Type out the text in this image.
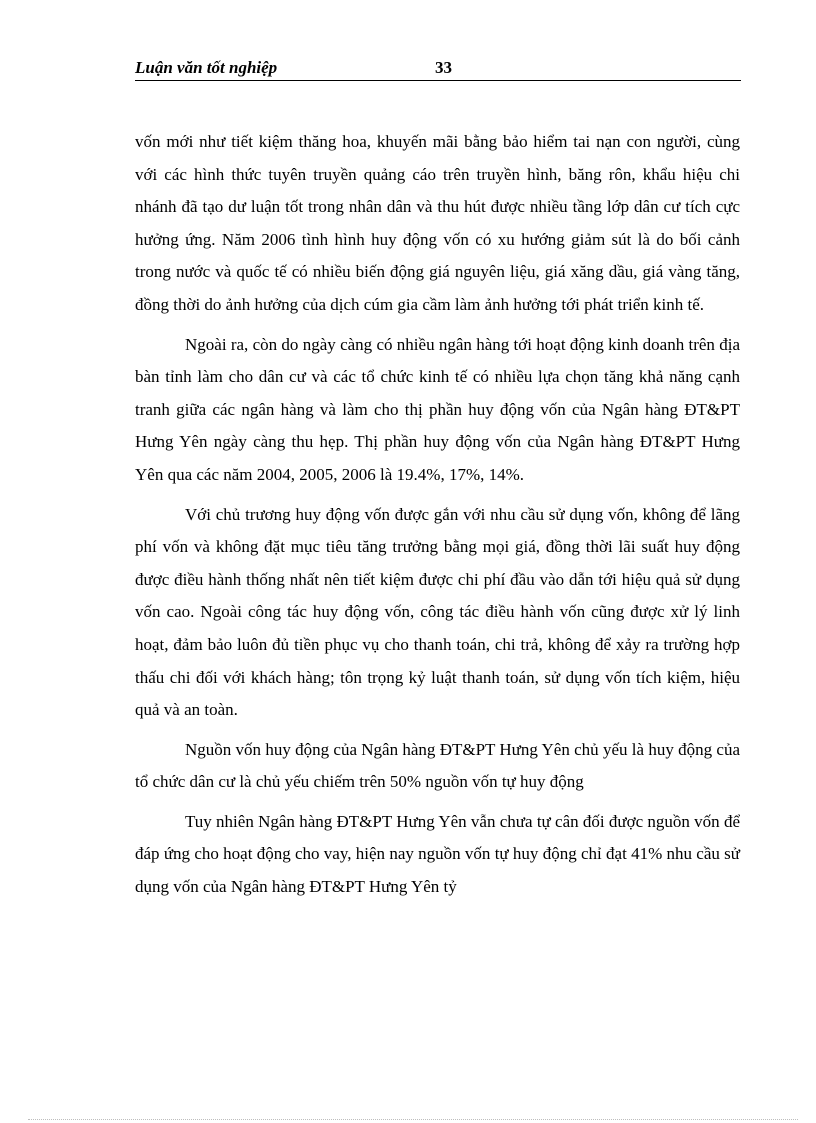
Luận văn tốt nghiệp	33

vốn mới như tiết kiệm thăng hoa, khuyến mãi bằng bảo hiểm tai nạn con người, cùng với các hình thức tuyên truyền quảng cáo trên truyền hình, băng rôn, khẩu hiệu chi nhánh đã tạo dư luận tốt trong nhân dân và thu hút được nhiều tầng lớp dân cư tích cực hưởng ứng. Năm 2006 tình hình huy động vốn có xu hướng giảm sút là do bối cảnh trong nước và quốc tế có nhiều biến động giá nguyên liệu, giá xăng dầu, giá vàng tăng, đồng thời do ảnh hưởng của dịch cúm gia cầm làm ảnh hưởng tới phát triển kinh tế.

Ngoài ra, còn do ngày càng có nhiều ngân hàng tới hoạt động kinh doanh trên địa bàn tỉnh làm cho dân cư và các tổ chức kinh tế có nhiều lựa chọn tăng khả năng cạnh tranh giữa các ngân hàng và làm cho thị phần huy động vốn của Ngân hàng ĐT&PT Hưng Yên ngày càng thu hẹp. Thị phần huy động vốn của Ngân hàng ĐT&PT Hưng Yên qua các năm 2004, 2005, 2006 là 19.4%, 17%, 14%.

Với chủ trương huy động vốn được gắn với nhu cầu sử dụng vốn, không để lãng phí vốn và không đặt mục tiêu tăng trưởng bằng mọi giá, đồng thời lãi suất huy động được điều hành thống nhất nên tiết kiệm được chi phí đầu vào dẫn tới hiệu quả sử dụng vốn cao. Ngoài công tác huy động vốn, công tác điều hành vốn cũng được xử lý linh hoạt, đảm bảo luôn đủ tiền phục vụ cho thanh toán, chi trả, không để xảy ra trường hợp thấu chi đối với khách hàng; tôn trọng kỷ luật thanh toán, sử dụng vốn tích kiệm, hiệu quả và an toàn.

Nguồn vốn huy động của Ngân hàng ĐT&PT Hưng Yên chủ yếu là huy động của tổ chức dân cư là chủ yếu chiếm trên 50% nguồn vốn tự huy động

Tuy nhiên Ngân hàng ĐT&PT Hưng Yên vẫn chưa tự cân đối được nguồn vốn để đáp ứng cho hoạt động cho vay, hiện nay nguồn vốn tự huy động chỉ đạt 41% nhu cầu sử dụng vốn của Ngân hàng ĐT&PT Hưng Yên tỷ
